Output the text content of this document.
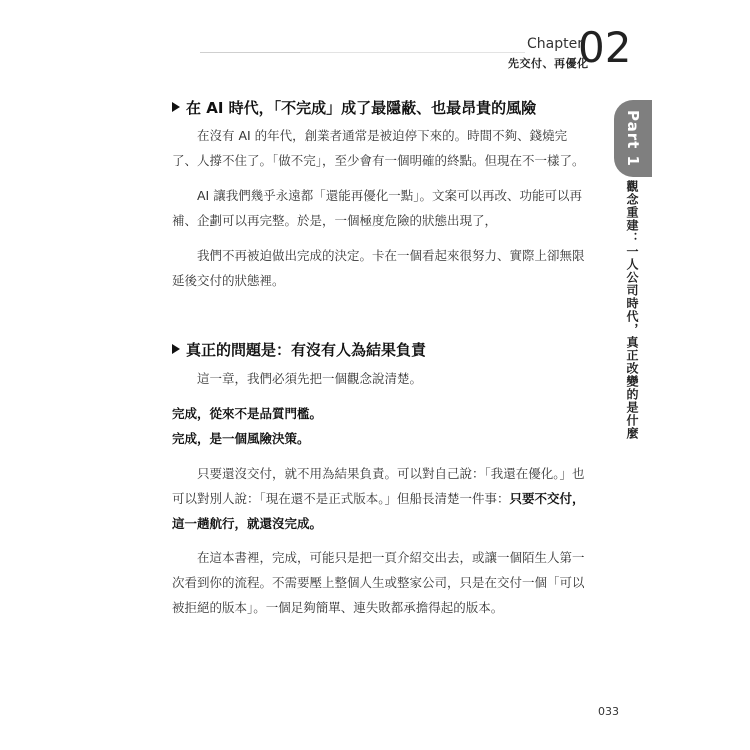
Chapter
02
先交付、再優化
Part 1
觀念重建：一人公司時代，真正改變的是什麼
在 AI 時代，「不完成」成了最隱蔽、也最昂貴的風險
在沒有 AI 的年代，創業者通常是被迫停下來的。時間不夠、錢燒完了、人撐不住了。「做不完」，至少會有一個明確的終點。但現在不一樣了。
AI 讓我們幾乎永遠都「還能再優化一點」。文案可以再改、功能可以再補、企劃可以再完整。於是，一個極度危險的狀態出現了，
我們不再被迫做出完成的決定。卡在一個看起來很努力、實際上卻無限延後交付的狀態裡。
真正的問題是：有沒有人為結果負責
這一章，我們必須先把一個觀念說清楚。
完成，從來不是品質門檻。
完成，是一個風險決策。
只要還沒交付，就不用為結果負責。可以對自己說：「我還在優化。」也可以對別人說：「現在還不是正式版本。」但船長清楚一件事：只要不交付，這一趟航行，就還沒完成。
在這本書裡，完成，可能只是把一頁介紹交出去，或讓一個陌生人第一次看到你的流程。不需要壓上整個人生或整家公司，只是在交付一個「可以被拒絕的版本」。一個足夠簡單、連失敗都承擔得起的版本。
033
